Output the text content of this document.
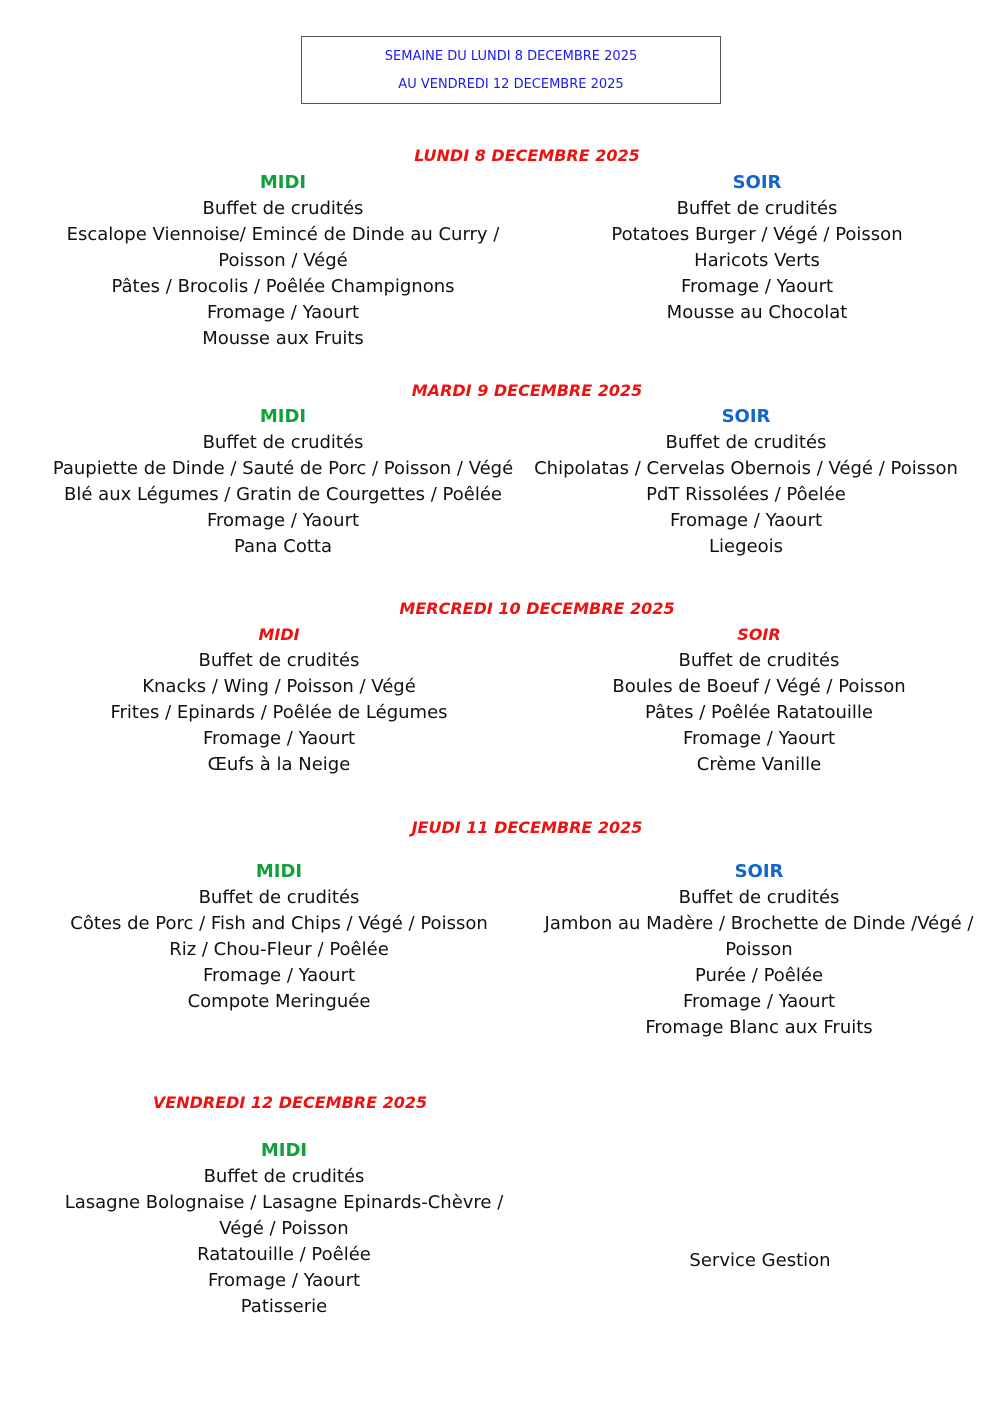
SEMAINE DU LUNDI 8 DECEMBRE 2025
AU VENDREDI 12 DECEMBRE 2025
LUNDI 8 DECEMBRE 2025
MIDI
Buffet de crudités
Escalope Viennoise/ Emincé de Dinde au Curry /
Poisson / Végé
Pâtes / Brocolis / Poêlée Champignons
Fromage / Yaourt
Mousse aux Fruits
SOIR
Buffet de crudités
Potatoes Burger / Végé / Poisson
Haricots Verts
Fromage / Yaourt
Mousse au Chocolat
MARDI 9 DECEMBRE 2025
MIDI
Buffet de crudités
Paupiette de Dinde / Sauté de Porc / Poisson / Végé
Blé aux Légumes / Gratin de Courgettes / Poêlée
Fromage / Yaourt
Pana Cotta
SOIR
Buffet de crudités
Chipolatas / Cervelas Obernois / Végé / Poisson
PdT Rissolées / Pôelée
Fromage / Yaourt
Liegeois
MERCREDI 10 DECEMBRE 2025
MIDI
Buffet de crudités
Knacks / Wing / Poisson / Végé
Frites / Epinards / Poêlée de Légumes
Fromage / Yaourt
Œufs à la Neige
SOIR
Buffet de crudités
Boules de Boeuf / Végé / Poisson
Pâtes / Poêlée Ratatouille
Fromage / Yaourt
Crème Vanille
JEUDI 11 DECEMBRE 2025
MIDI
Buffet de crudités
Côtes de Porc / Fish and Chips / Végé / Poisson
Riz / Chou-Fleur / Poêlée
Fromage / Yaourt
Compote Meringuée
SOIR
Buffet de crudités
Jambon au Madère / Brochette de Dinde /Végé /
Poisson
Purée / Poêlée
Fromage / Yaourt
Fromage Blanc aux Fruits
VENDREDI 12 DECEMBRE 2025
MIDI
Buffet de crudités
Lasagne Bolognaise / Lasagne Epinards-Chèvre /
Végé / Poisson
Ratatouille / Poêlée
Fromage / Yaourt
Patisserie
Service Gestion
